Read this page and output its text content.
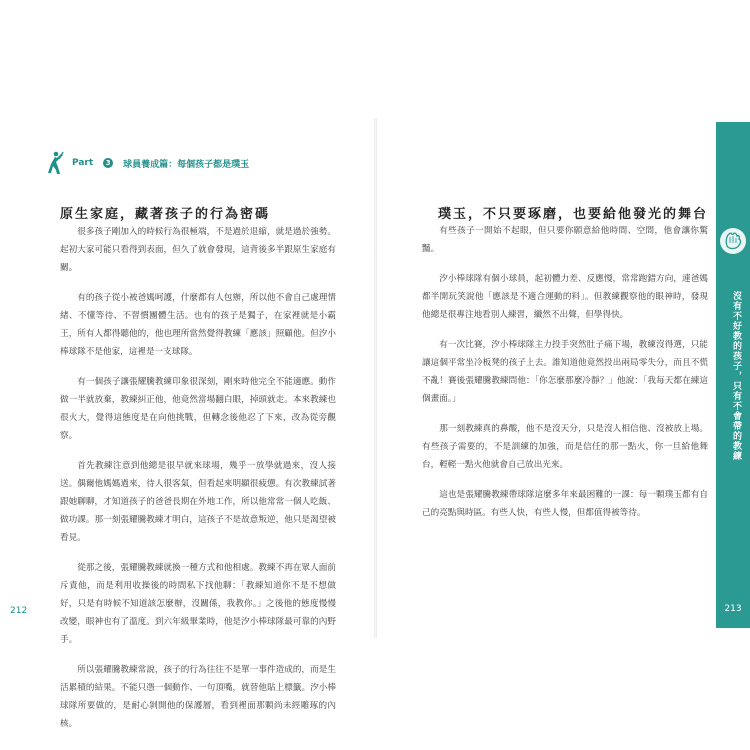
Part	3 球員養成篇：每個孩子都是璞玉
原生家庭，藏著孩子的行為密碼

很多孩子剛加入的時候行為很極端，不是過於退縮，就是過於強勢。起初大家可能只看得到表面，但久了就會發現，這背後多半跟原生家庭有關。

有的孩子從小被爸媽呵護，什麼都有人包辦，所以他不會自己處理情緒、不懂等待、不習慣團體生活。也有的孩子是獨子，在家裡就是小霸王，所有人都得聽他的，他也理所當然覺得教練「應該」照顧他。但汐小棒球隊不是他家，這裡是一支球隊。

有一個孩子讓張耀騰教練印象很深刻，剛來時他完全不能適應。動作做一半就放棄，教練糾正他，他竟然當場翻白眼，掉頭就走。本來教練也很火大，覺得這態度是在向他挑戰，但轉念後他忍了下來，改為從旁觀察。

首先教練注意到他總是很早就來球場，幾乎一放學就過來，沒人接送。偶爾他媽媽過來，待人很客氣，但看起來明顯很疲憊。有次教練試著跟她聊聊，才知道孩子的爸爸長期在外地工作，所以他常常一個人吃飯、做功課。那一刻張耀騰教練才明白，這孩子不是故意叛逆，他只是渴望被看見。

從那之後，張耀騰教練就換一種方式和他相處。教練不再在眾人面前斥責他，而是利用收操後的時間私下找他聊：「教練知道你不是不想做好，只是有時候不知道該怎麼辦，沒關係，我教你。」之後他的態度慢慢改變，眼神也有了溫度。到六年級畢業時，他是汐小棒球隊最可靠的內野手。

所以張耀騰教練常說，孩子的行為往往不是單一事件造成的，而是生活累積的結果。不能只憑一個動作、一句頂嘴，就替他貼上標籤。汐小棒球隊所要做的，是耐心剝開他的保護層，看到裡面那顆尚未經雕琢的內核。

212
璞玉，不只要琢磨，也要給他發光的舞台

有些孩子一開始不起眼，但只要你願意給他時間、空間，他會讓你驚豔。

汐小棒球隊有個小球員，起初體力差、反應慢，常常跑錯方向，連爸媽都半開玩笑說他「應該是不適合運動的料」。但教練觀察他的眼神時，發現他總是很專注地看別人練習，纖然不出聲，但學得快。

有一次比賽，汐小棒球隊主力投手突然肚子痛下場，教練沒得選，只能讓這個平常坐冷板凳的孩子上去。誰知道他竟然投出兩局零失分，而且不慌不亂！賽後張耀騰教練問他：「你怎麼那麼冷靜？」他說：「我每天都在練這個畫面。」

那一刻教練真的鼻酸，他不是沒天分，只是沒人相信他、沒被放上場。有些孩子需要的，不是訓練的加強，而是信任的那一點火，你一旦給他舞台，輕輕一點火他就會自己放出光來。

這也是張耀騰教練帶球隊這麼多年來最困難的一課：每一顆璞玉都有自己的亮點與時區。有些人快，有些人慢，但都值得被等待。

沒有不好教的孩子，只有不會帶的教練
213
